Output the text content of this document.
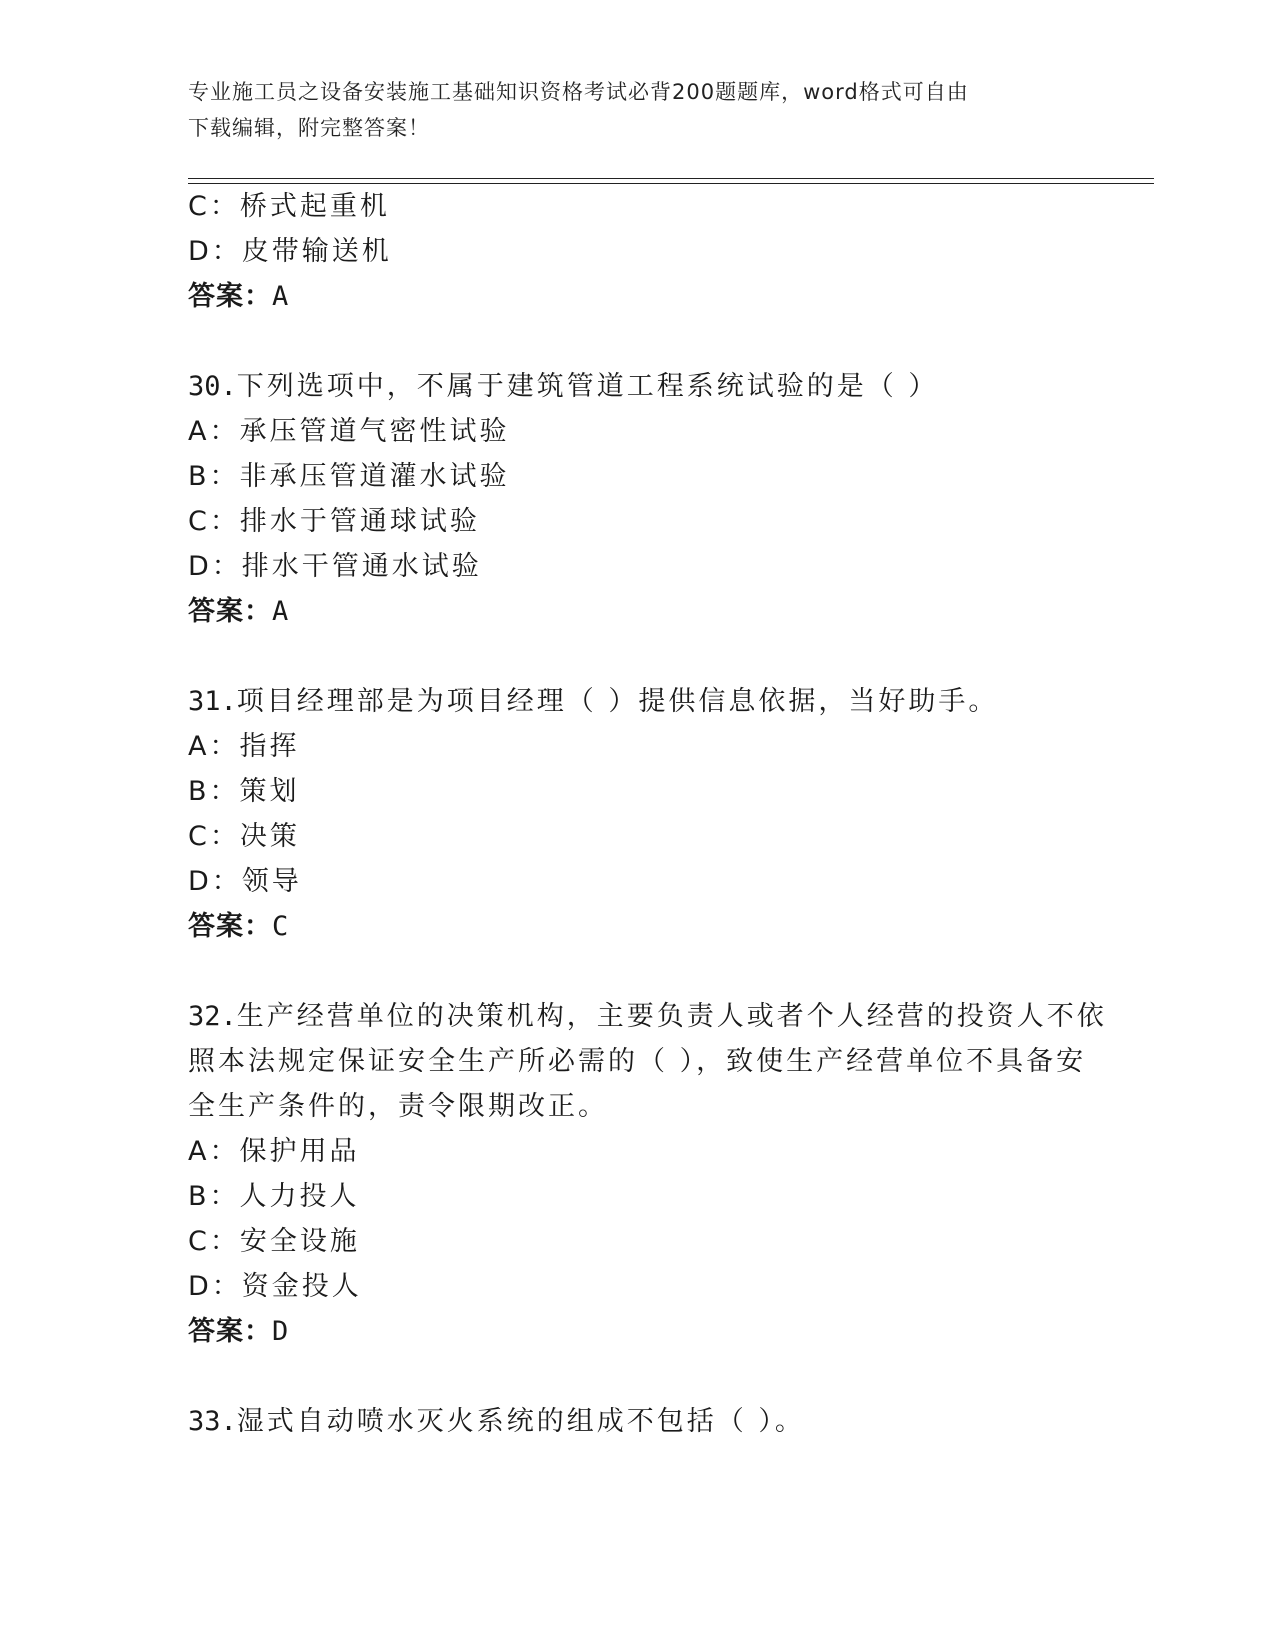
专业施工员之设备安装施工基础知识资格考试必背200题题库，word格式可自由
下载编辑，附完整答案！
C：桥式起重机
D：皮带输送机
答案：A
30.下列选项中，不属于建筑管道工程系统试验的是（ ）
A：承压管道气密性试验
B：非承压管道灌水试验
C：排水于管通球试验
D：排水干管通水试验
答案：A
31.项目经理部是为项目经理（ ）提供信息依据，当好助手。
A：指挥
B：策划
C：决策
D：领导
答案：C
32.生产经营单位的决策机构，主要负责人或者个人经营的投资人不依
照本法规定保证安全生产所必需的（ ），致使生产经营单位不具备安
全生产条件的，责令限期改正。
A：保护用品
B：人力投人
C：安全设施
D：资金投人
答案：D
33.湿式自动喷水灭火系统的组成不包括（ ）。
